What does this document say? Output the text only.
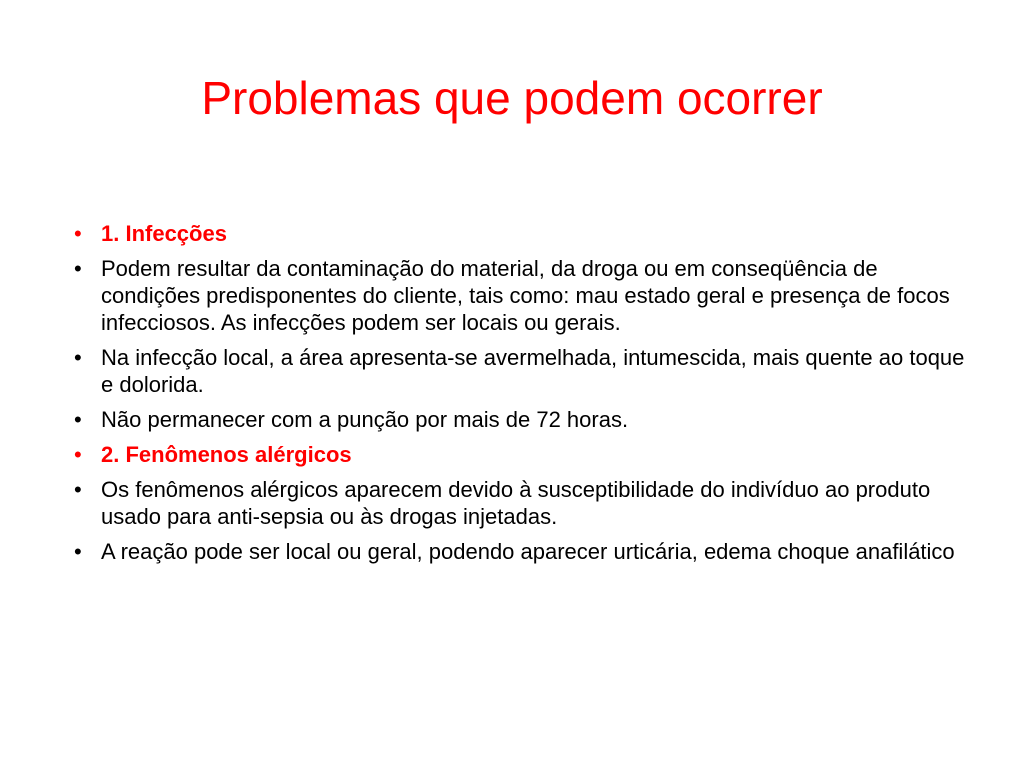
Problemas que podem ocorrer
• 1. Infecções
• Podem resultar da contaminação do material, da droga ou em conseqüência de condições predisponentes do cliente, tais como: mau estado geral e presença de focos infecciosos. As infecções podem ser locais ou gerais.
• Na infecção local, a área apresenta-se avermelhada, intumescida, mais quente ao toque e dolorida.
• Não permanecer com a punção por mais de 72 horas.
• 2. Fenômenos alérgicos
• Os fenômenos alérgicos aparecem devido à susceptibilidade do indivíduo ao produto usado para anti-sepsia ou às drogas injetadas.
• A reação pode ser local ou geral, podendo aparecer urticária, edema choque anafilático
